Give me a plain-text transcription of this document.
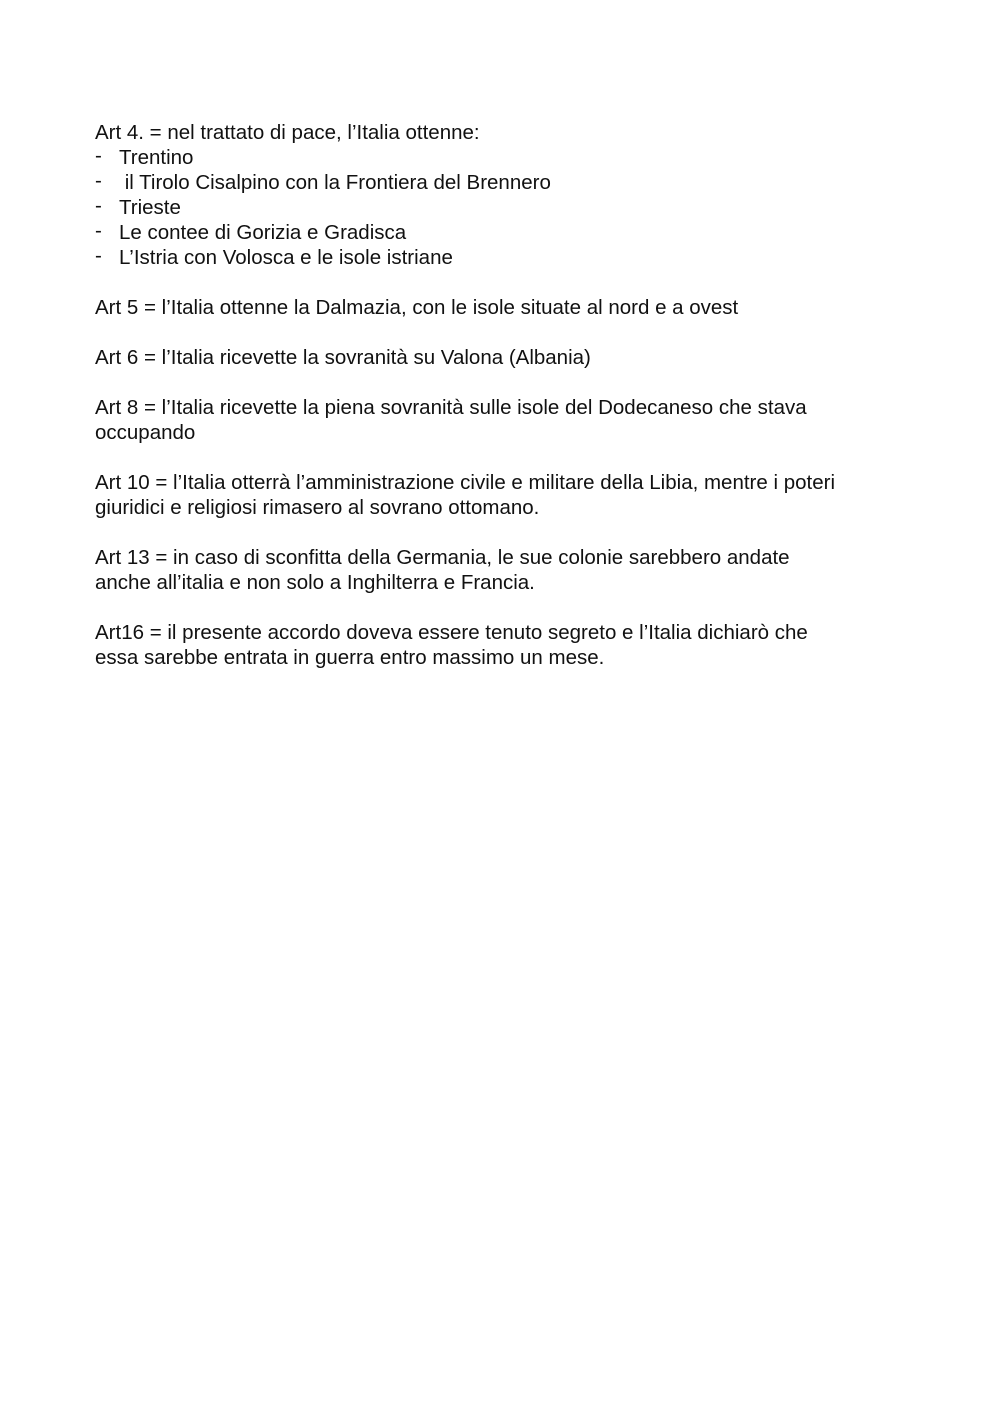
Art 4. = nel trattato di pace, l’Italia ottenne:
- Trentino
- il Tirolo Cisalpino con la Frontiera del Brennero
- Trieste
- Le contee di Gorizia e Gradisca
- L’Istria con Volosca e le isole istriane
Art 5 = l’Italia ottenne la Dalmazia, con le isole situate al nord e a ovest
Art 6 = l’Italia ricevette la sovranità su Valona (Albania)
Art 8 = l’Italia ricevette la piena sovranità sulle isole del Dodecaneso che stava
occupando
Art 10 = l’Italia otterrà l’amministrazione civile e militare della Libia, mentre i poteri
giuridici e religiosi rimasero al sovrano ottomano.
Art 13 = in caso di sconfitta della Germania, le sue colonie sarebbero andate
anche all’italia e non solo a Inghilterra e Francia.
Art16 = il presente accordo doveva essere tenuto segreto e l’Italia dichiarò che
essa sarebbe entrata in guerra entro massimo un mese.
